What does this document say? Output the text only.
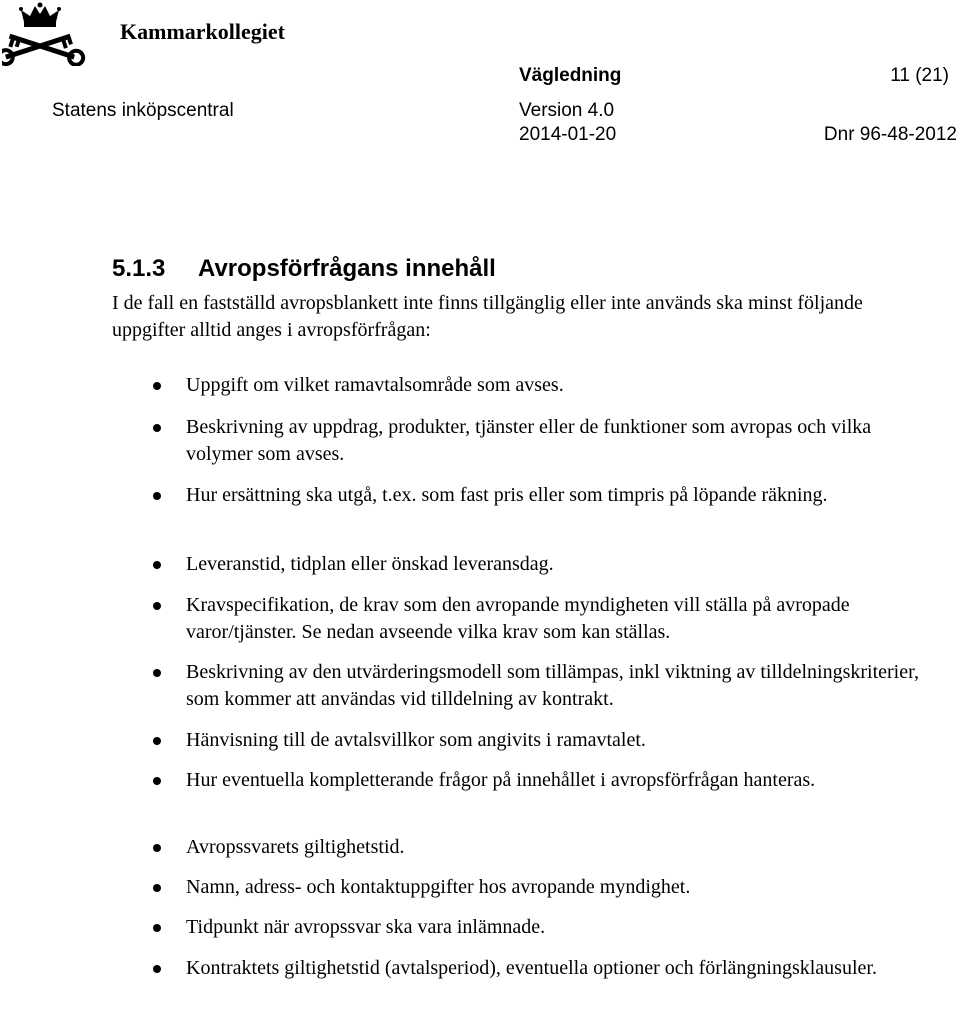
Kammarkollegiet
Vägledning	11 (21)
Statens inköpscentral	Version 4.0
2014-01-20	Dnr 96-48-2012
5.1.3 Avropsförfrågans innehåll

I de fall en fastställd avropsblankett inte finns tillgänglig eller inte används ska minst följande uppgifter alltid anges i avropsförfrågan:

Uppgift om vilket ramavtalsområde som avses.
Beskrivning av uppdrag, produkter, tjänster eller de funktioner som avropas och vilka volymer som avses.
Hur ersättning ska utgå, t.ex. som fast pris eller som timpris på löpande räkning.
Leveranstid, tidplan eller önskad leveransdag.
Kravspecifikation, de krav som den avropande myndigheten vill ställa på avropade varor/tjänster. Se nedan avseende vilka krav som kan ställas.
Beskrivning av den utvärderingsmodell som tillämpas, inkl viktning av tilldelningskriterier, som kommer att användas vid tilldelning av kontrakt.
Hänvisning till de avtalsvillkor som angivits i ramavtalet.
Hur eventuella kompletterande frågor på innehållet i avropsförfrågan hanteras.
Avropssvarets giltighetstid.
Namn, adress- och kontaktuppgifter hos avropande myndighet.
Tidpunkt när avropssvar ska vara inlämnade.
Kontraktets giltighetstid (avtalsperiod), eventuella optioner och förlängningsklausuler.
